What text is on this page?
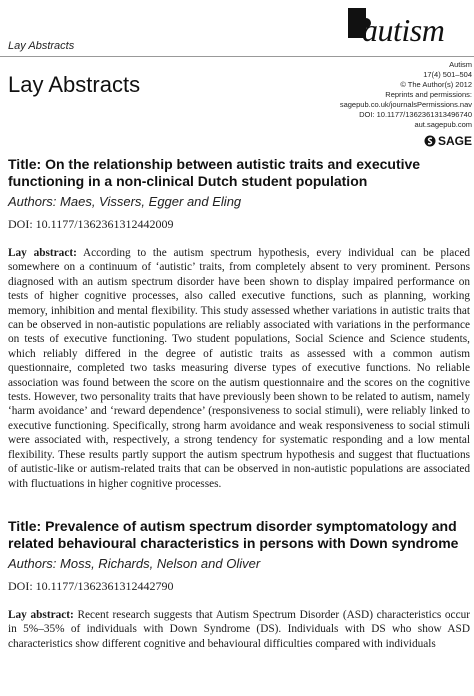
Lay Abstracts	autism
Lay Abstracts
Autism
17(4) 501–504
© The Author(s) 2012
Reprints and permissions:
sagepub.co.uk/journalsPermissions.nav
DOI: 10.1177/1362361313496740
aut.sagepub.com
SAGE
Title: On the relationship between autistic traits and executive functioning in a non-clinical Dutch student population
Authors: Maes, Vissers, Egger and Eling
DOI: 10.1177/1362361312442009
Lay abstract: According to the autism spectrum hypothesis, every individual can be placed somewhere on a continuum of ‘autistic’ traits, from completely absent to very prominent. Persons diagnosed with an autism spectrum disorder have been shown to display impaired performance on tests of higher cognitive processes, also called executive functions, such as planning, working memory, inhibition and mental flexibility. This study assessed whether variations in autistic traits that can be observed in non-autistic populations are reliably associated with variations in the performance on tests of executive functioning. Two student populations, Social Science and Science students, which reliably differed in the degree of autistic traits as assessed with a common autism questionnaire, completed two tasks measuring diverse types of executive functions. No reliable association was found between the score on the autism questionnaire and the scores on the cognitive tests. However, two personality traits that have previously been shown to be related to autism, namely ‘harm avoidance’ and ‘reward dependence’ (responsiveness to social stimuli), were reliably linked to executive functioning. Specifically, strong harm avoidance and weak responsiveness to social stimuli were associated with, respectively, a strong tendency for systematic responding and a low mental flexibility. These results partly support the autism spectrum hypothesis and suggest that fluctuations of autistic-like or autism-related traits that can be observed in non-autistic populations are associated with fluctuations in higher cognitive processes.
Title: Prevalence of autism spectrum disorder symptomatology and related behavioural characteristics in persons with Down syndrome
Authors: Moss, Richards, Nelson and Oliver
DOI: 10.1177/1362361312442790
Lay abstract: Recent research suggests that Autism Spectrum Disorder (ASD) characteristics occur in 5%–35% of individuals with Down Syndrome (DS). Individuals with DS who show ASD characteristics show different cognitive and behavioural difficulties compared with individuals
